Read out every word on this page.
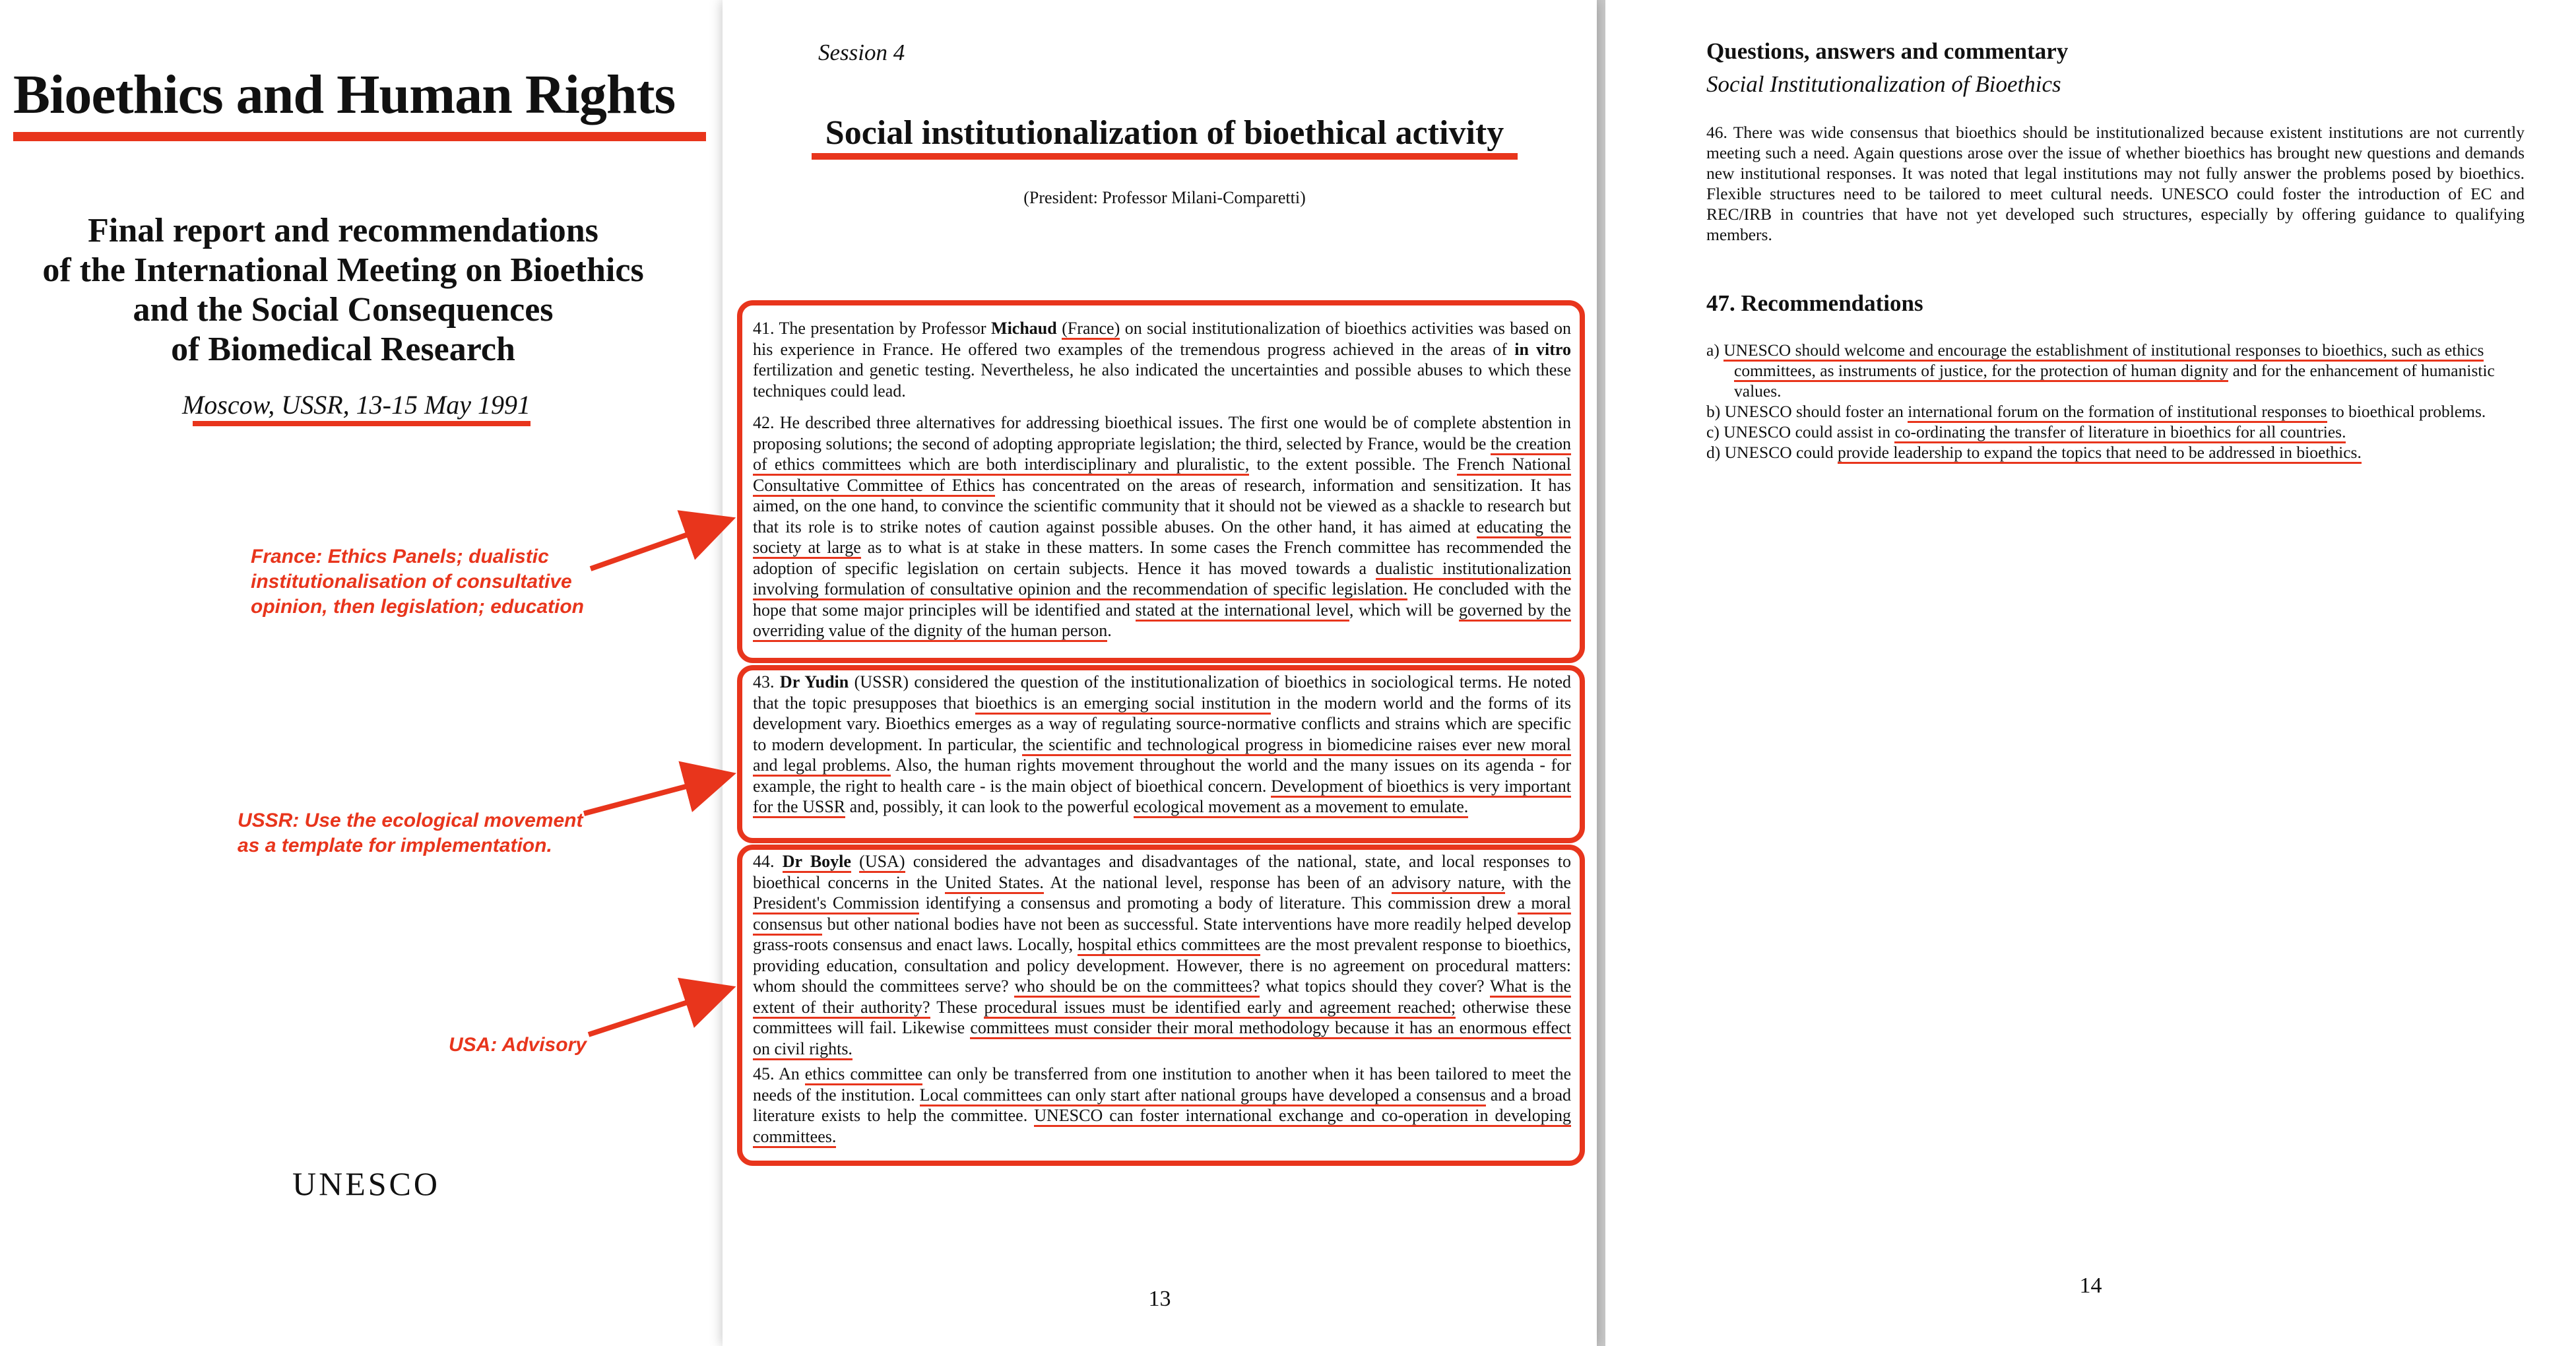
Bioethics and Human Rights
Final report and recommendations
of the International Meeting on Bioethics
and the Social Consequences
of Biomedical Research
Moscow, USSR, 13-15 May 1991
France: Ethics Panels; dualistic institutionalisation of consultative opinion, then legislation; education
USSR: Use the ecological movement as a template for implementation.
USA: Advisory
UNESCO
Session 4
Social institutionalization of bioethical activity
(President: Professor Milani-Comparetti)
41. The presentation by Professor Michaud (France) on social institutionalization of bioethics activities was based on his experience in France. He offered two examples of the tremendous progress achieved in the areas of in vitro fertilization and genetic testing. Nevertheless, he also indicated the uncertainties and possible abuses to which these techniques could lead.
42. He described three alternatives for addressing bioethical issues. The first one would be of complete abstention in proposing solutions; the second of adopting appropriate legislation; the third, selected by France, would be the creation of ethics committees which are both interdisciplinary and pluralistic, to the extent possible. The French National Consultative Committee of Ethics has concentrated on the areas of research, information and sensitization. It has aimed, on the one hand, to convince the scientific community that it should not be viewed as a shackle to research but that its role is to strike notes of caution against possible abuses. On the other hand, it has aimed at educating the society at large as to what is at stake in these matters. In some cases the French committee has recommended the adoption of specific legislation on certain subjects. Hence it has moved towards a dualistic institutionalization involving formulation of consultative opinion and the recommendation of specific legislation. He concluded with the hope that some major principles will be identified and stated at the international level, which will be governed by the overriding value of the dignity of the human person.
43. Dr Yudin (USSR) considered the question of the institutionalization of bioethics in sociological terms. He noted that the topic presupposes that bioethics is an emerging social institution in the modern world and the forms of its development vary. Bioethics emerges as a way of regulating source-normative conflicts and strains which are specific to modern development. In particular, the scientific and technological progress in biomedicine raises ever new moral and legal problems. Also, the human rights movement throughout the world and the many issues on its agenda - for example, the right to health care - is the main object of bioethical concern. Development of bioethics is very important for the USSR and, possibly, it can look to the powerful ecological movement as a movement to emulate.
44. Dr Boyle (USA) considered the advantages and disadvantages of the national, state, and local responses to bioethical concerns in the United States. At the national level, response has been of an advisory nature, with the President's Commission identifying a consensus and promoting a body of literature. This commission drew a moral consensus but other national bodies have not been as successful. State interventions have more readily helped develop grass-roots consensus and enact laws. Locally, hospital ethics committees are the most prevalent response to bioethics, providing education, consultation and policy development. However, there is no agreement on procedural matters: whom should the committees serve? who should be on the committees? what topics should they cover? What is the extent of their authority? These procedural issues must be identified early and agreement reached; otherwise these committees will fail. Likewise committees must consider their moral methodology because it has an enormous effect on civil rights.
45. An ethics committee can only be transferred from one institution to another when it has been tailored to meet the needs of the institution. Local committees can only start after national groups have developed a consensus and a broad literature exists to help the committee. UNESCO can foster international exchange and co-operation in developing committees.
13
Questions, answers and commentary
Social Institutionalization of Bioethics
46. There was wide consensus that bioethics should be institutionalized because existent institutions are not currently meeting such a need. Again questions arose over the issue of whether bioethics has brought new questions and demands new institutional responses. It was noted that legal institutions may not fully answer the problems posed by bioethics. Flexible structures need to be tailored to meet cultural needs. UNESCO could foster the introduction of EC and REC/IRB in countries that have not yet developed such structures, especially by offering guidance to qualifying members.
47. Recommendations
a) UNESCO should welcome and encourage the establishment of institutional responses to bioethics, such as ethics committees, as instruments of justice, for the protection of human dignity and for the enhancement of humanistic values.
b) UNESCO should foster an international forum on the formation of institutional responses to bioethical problems.
c) UNESCO could assist in co-ordinating the transfer of literature in bioethics for all countries.
d) UNESCO could provide leadership to expand the topics that need to be addressed in bioethics.
14
